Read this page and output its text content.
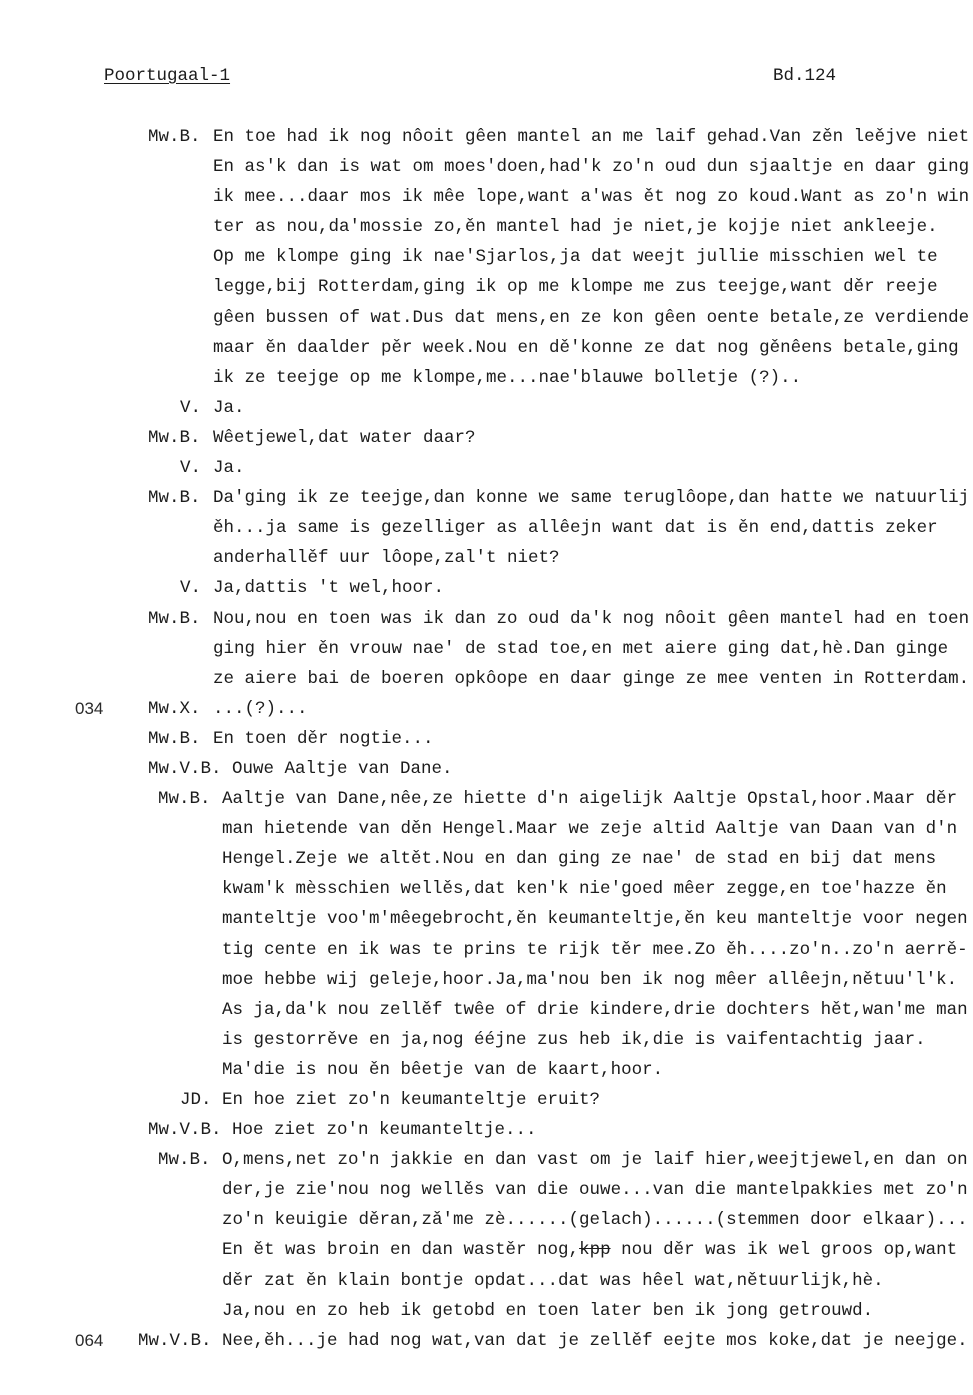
Poortugaal-1	Bd.124
Mw.B. En toe had ik nog nôoit gêen mantel an me laif gehad.Van zěn leějve niet
En as'k dan is wat om moes'doen,had'k zo'n oud dun sjaaltje en daar ging
ik mee...daar mos ik mêe lope,want a'was ět nog zo koud.Want as zo'n win
ter as nou,da'mossie zo,ěn mantel had je niet,je kojje niet ankleeje.
Op me klompe ging ik nae'Sjarlos,ja dat weejt jullie misschien wel te
legge,bij Rotterdam,ging ik op me klompe me zus teejge,want děr reeje
gêen bussen of wat.Dus dat mens,en ze kon gêen oente betale,ze verdiende
maar ěn daalder pěr week.Nou en dě'konne ze dat nog gěnêens betale,ging
ik ze teejge op me klompe,me...nae'blauwe bolletje (?)..
V. Ja.
Mw.B. Wêetjewel,dat water daar?
V. Ja.
Mw.B. Da'ging ik ze teejge,dan konne we same teruglôope,dan hatte we natuurlij
ěh...ja same is gezelliger as allêejn want dat is ěn end,dattis zeker
anderhallěf uur lôope,zal't niet?
V. Ja,dattis 't wel,hoor.
Mw.B. Nou,nou en toen was ik dan zo oud da'k nog nôoit gêen mantel had en toen
ging hier ěn vrouw nae' de stad toe,en met aiere ging dat,hè.Dan ginge
ze aiere bai de boeren opkôope en daar ginge ze mee venten in Rotterdam.
034	Mw.X. ...(?)...
Mw.B. En toen děr nogtie...
Mw.V.B. Ouwe Aaltje van Dane.
Mw.B. Aaltje van Dane,nêe,ze hiette d'n aigelijk Aaltje Opstal,hoor.Maar děr
man hietende van děn Hengel.Maar we zeje altid Aaltje van Daan van d'n
Hengel.Zeje we altět.Nou en dan ging ze nae' de stad en bij dat mens
kwam'k mèsschien wellěs,dat ken'k nie'goed mêer zegge,en toe'hazze ěn
manteltje voo'm'mêegebrocht,ěn keumanteltje,ěn keu manteltje voor negen
tig cente en ik was te prins te rijk těr mee.Zo ěh....zo'n..zo'n aerrě-
moe hebbe wij geleje,hoor.Ja,ma'nou ben ik nog mêer allêejn,nětuu'l'k.
As ja,da'k nou zellěf twêe of drie kindere,drie dochters hět,wan'me man
is gestorrěve en ja,nog ééjne zus heb ik,die is vaifentachtig jaar.
Ma'die is nou ěn bêetje van de kaart,hoor.
JD. En hoe ziet zo'n keumanteltje eruit?
Mw.V.B. Hoe ziet zo'n keumanteltje...
Mw.B. O,mens,net zo'n jakkie en dan vast om je laif hier,weejtjewel,en dan on
der,je zie'nou nog wellěs van die ouwe...van die mantelpakkies met zo'n
zo'n keuigie děran,zǎ'me zè......(gelach)......(stemmen door elkaar)...
En ět was broin en dan wastěr nog,kpp nou děr was ik wel groos op,want
děr zat ěn klain bontje opdat...dat was hêel wat,nětuurlijk,hè.
Ja,nou en zo heb ik getobd en toen later ben ik jong getrouwd.
064 Mw.V.B. Nee,ěh...je had nog wat,van dat je zellěf eejte mos koke,dat je neejge.
